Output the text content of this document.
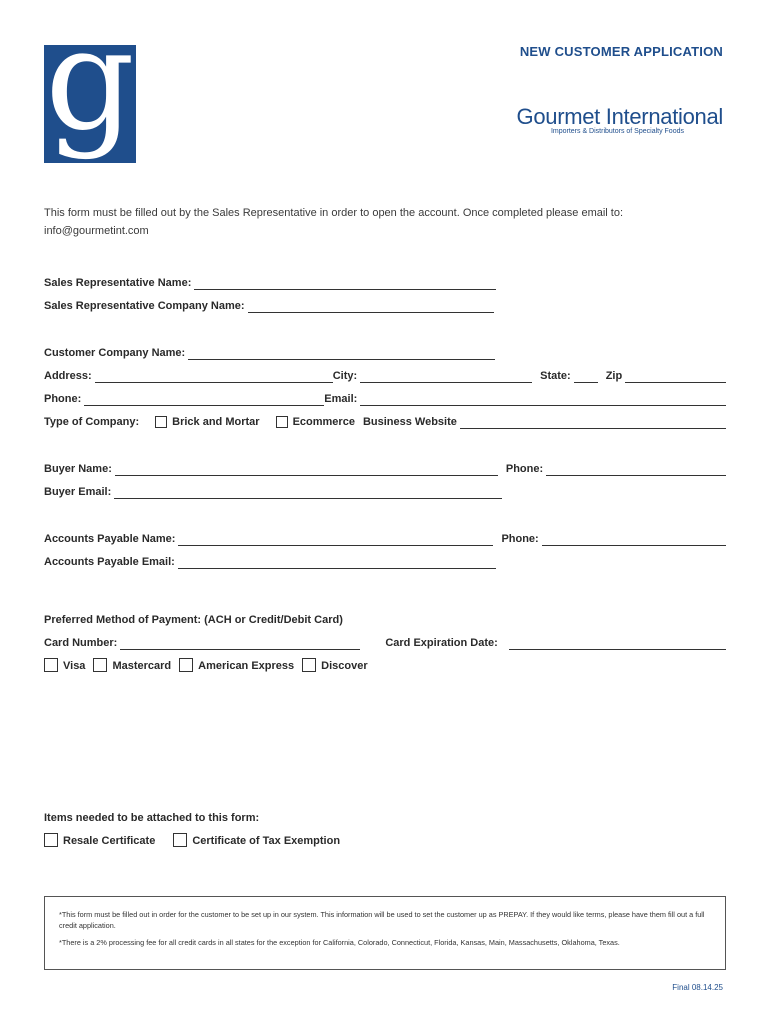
g	NEW CUSTOMER APPLICATION
Gourmet International
Importers & Distributors of Specialty Foods
This form must be filled out by the Sales Representative in order to open the account. Once completed please email to:
info@gourmetint.com
Sales Representative Name:
Sales Representative Company Name:
Customer Company Name:
Address:	City:	State:	Zip
Phone:	Email:
Type of Company:	Brick and Mortar	Ecommerce Business Website
Buyer Name:	Phone:
Buyer Email:
Accounts Payable Name:	Phone:
Accounts Payable Email:
Preferred Method of Payment: (ACH or Credit/Debit Card)
Card Number:	Card Expiration Date:
Visa Mastercard American Express Discover
Items needed to be attached to this form:
Resale Certificate	Certificate of Tax Exemption

*This form must be filled out in order for the customer to be set up in our system. This information will be used to set the customer up as PREPAY. If they would like terms, please have them fill out a full credit application.

*There is a 2% processing fee for all credit cards in all states for the exception for California, Colorado, Connecticut, Florida, Kansas, Main, Massachusetts, Oklahoma, Texas.

Final 08.14.25
